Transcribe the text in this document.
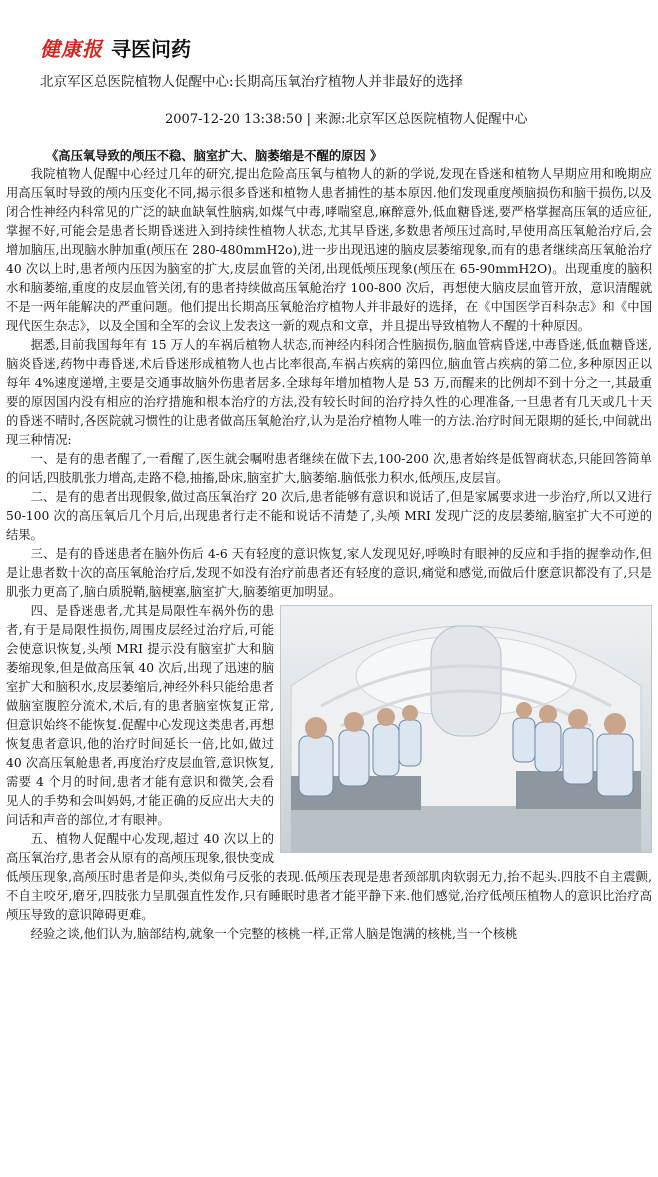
健康报 寻医问药
北京军区总医院植物人促醒中心:长期高压氧治疗植物人并非最好的选择
2007-12-20 13:38:50 | 来源:北京军区总医院植物人促醒中心

《高压氧导致的颅压不稳、脑室扩大、脑萎缩是不醒的原因 》

我院植物人促醒中心经过几年的研究,提出危险高压氧与植物人的新的学说,发现在昏迷和植物人早期应用和晚期应用高压氧时导致的颅内压变化不同,揭示很多昏迷和植物人患者捕性的基本原因.他们发现重度颅脑损伤和脑干损伤,以及闭合性神经内科常见的广泛的缺血缺氧性脑病,如煤气中毒,哮喘窒息,麻醉意外,低血糖昏迷,要严格掌握高压氧的适应征,掌握不好,可能会是患者长期昏迷进入到持续性植物人状态,尤其早昏迷,多数患者颅压过高时,早使用高压氧舱治疗后,会增加脑压,出现脑水肿加重(颅压在 280-480mmH2o),进一步出现迅速的脑皮层萎缩现象,而有的患者继续高压氧舱治疗 40 次以上时,患者颅内压因为脑室的扩大,皮层血管的关闭,出现低颅压现象(颅压在 65-90mmH2O)。出现重度的脑积水和脑萎缩,重度的皮层血管关闭,有的患者持续做高压氧舱治疗 100-800 次后，再想使大脑皮层血管开放，意识清醒就不是一两年能解决的严重问题。他们提出长期高压氧舱治疗植物人并非最好的选择，在《中国医学百科杂志》和《中国现代医生杂志》，以及全国和全军的会议上发表这一新的观点和文章，并且提出导致植物人不醒的十种原因。

据悉,目前我国每年有 15 万人的车祸后植物人状态,而神经内科闭合性脑损伤,脑血管病昏迷,中毒昏迷,低血糖昏迷,脑炎昏迷,药物中毒昏迷,术后昏迷形成植物人也占比率很高,车祸占疾病的第四位,脑血管占疾病的第二位,多种原因正以每年 4%速度递增,主要是交通事故脑外伤患者居多.全球每年增加植物人是 53 万,而醒来的比例却不到十分之一,其最重要的原因国内没有相应的治疗措施和根本治疗的方法,没有较长时间的治疗持久性的心理准备,一旦患者有几天或几十天的昏迷不晴时,各医院就习惯性的让患者做高压氧舱治疗,认为是治疗植物人唯一的方法.治疗时间无限期的延长,中间就出现三种情况:

一、是有的患者醒了,一看醒了,医生就会嘱咐患者继续在做下去,100-200 次,患者始终是低智商状态,只能回答简单的问话,四肢肌张力增高,走路不稳,抽搐,卧床,脑室扩大,脑萎缩.脑低张力积水,低颅压,皮层盲。

二、是有的患者出现假象,做过高压氧治疗 20 次后,患者能够有意识和说话了,但是家属要求进一步治疗,所以又进行 50-100 次的高压氧后几个月后,出现患者行走不能和说话不清楚了,头颅 MRI 发现广泛的皮层萎缩,脑室扩大不可逆的结果。

三、是有的昏迷患者在脑外伤后 4-6 天有轻度的意识恢复,家人发现见好,呼唤时有眼神的反应和手指的握拳动作,但是让患者数十次的高压氧舱治疗后,发现不如没有治疗前患者还有轻度的意识,痛觉和感觉,而做后什麽意识都没有了,只是肌张力更高了,脑白质脱鞘,脑梗塞,脑室扩大,脑萎缩更加明显。

四、是昏迷患者,尤其是局限性车祸外伤的患者,有于是局限性损伤,周围皮层经过治疗后,可能会使意识恢复,头颅 MRI 提示没有脑室扩大和脑萎缩现象,但是做高压氧 40 次后,出现了迅速的脑室扩大和脑积水,皮层萎缩后,神经外科只能给患者做脑室腹腔分流术,术后,有的患者脑室恢复正常,但意识始终不能恢复.促醒中心发现这类患者,再想恢复患者意识,他的治疗时间延长一倍,比如,做过 40 次高压氧舱患者,再度治疗皮层血管,意识恢复,需要 4 个月的时间,患者才能有意识和微笑,会看见人的手势和会叫妈妈,才能正确的反应出大夫的问话和声音的部位,才有眼神。

五、植物人促醒中心发现,超过 40 次以上的高压氧治疗,患者会从原有的高颅压现象,很快变成低颅压现象,高颅压时患者是仰头,类似角弓反张的表现.低颅压表现是患者颈部肌肉软弱无力,抬不起头.四肢不自主震颤,不自主咬牙,磨牙,四肢张力呈肌强直性发作,只有睡眠时患者才能平静下来.他们感觉,治疗低颅压植物人的意识比治疗高颅压导致的意识障碍更难。

经验之谈,他们认为,脑部结构,就象一个完整的核桃一样,正常人脑是饱满的核桃,当一个核桃
